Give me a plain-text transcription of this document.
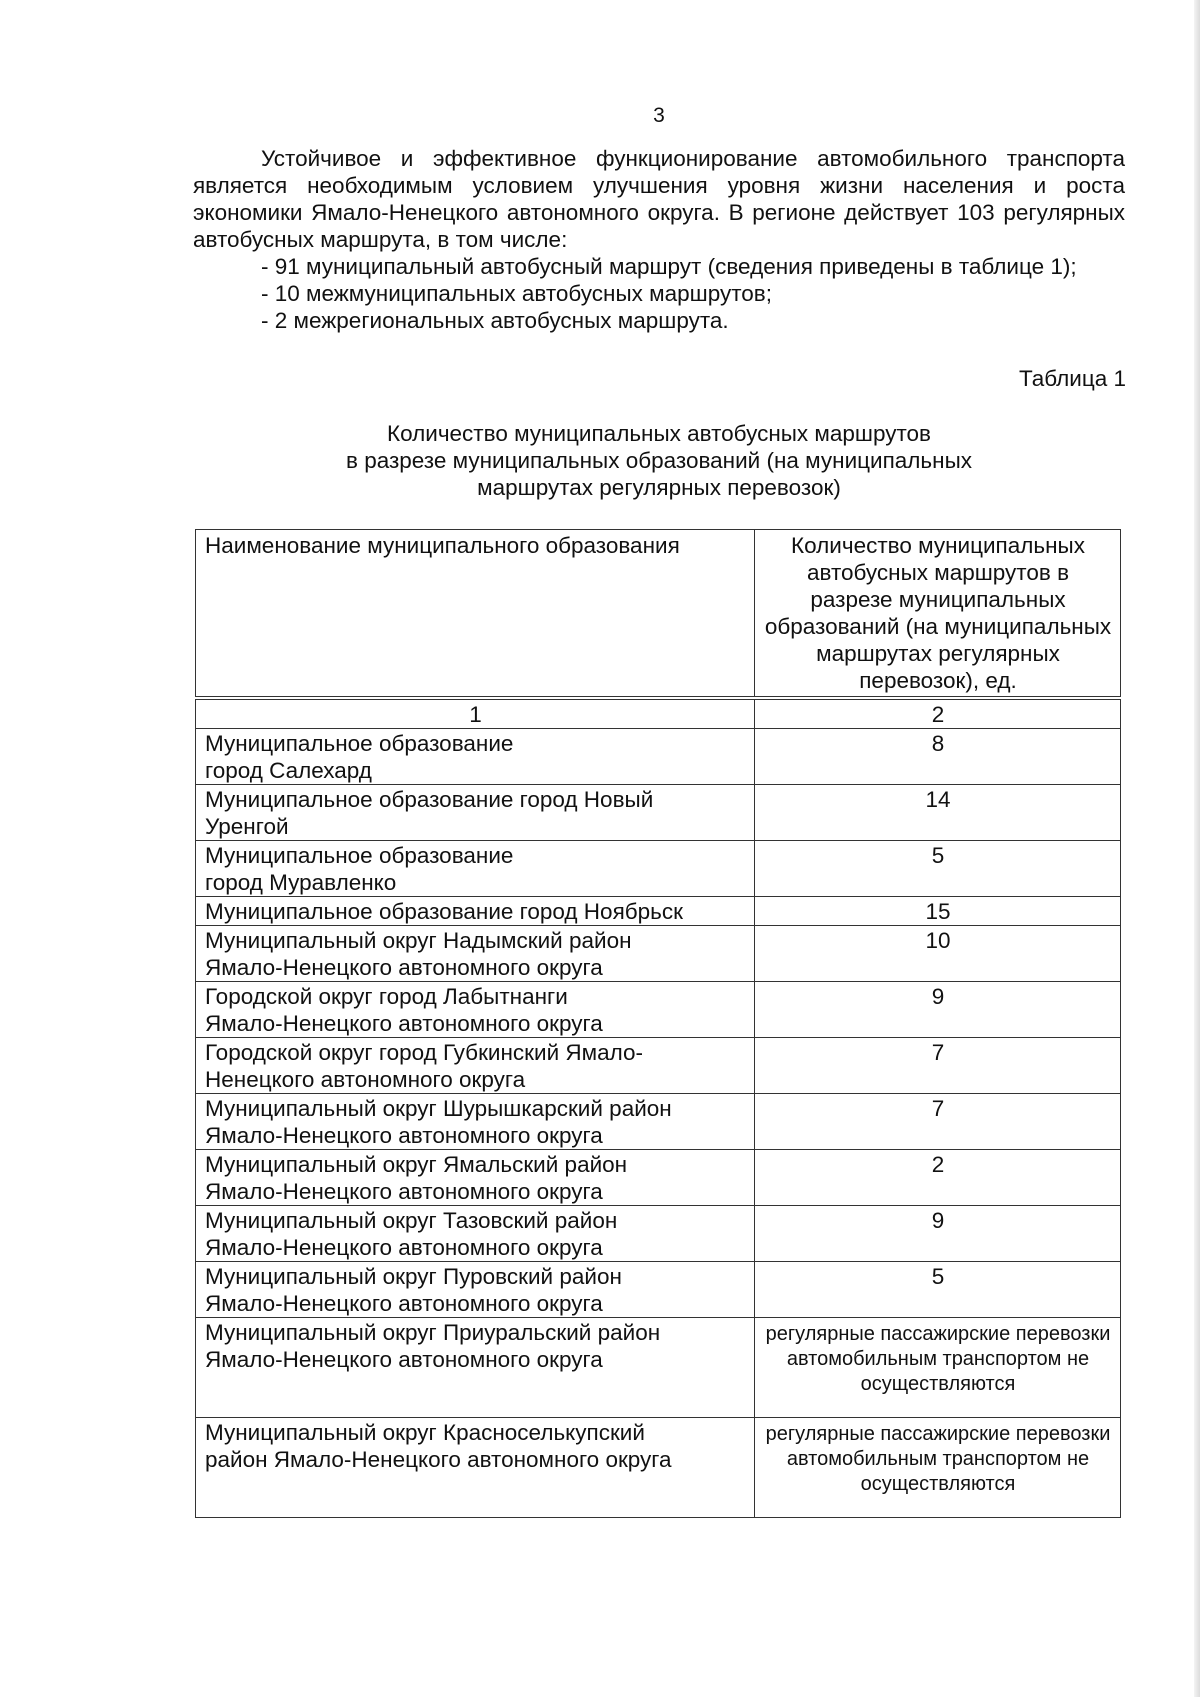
3

Устойчивое и эффективное функционирование автомобильного транспорта является необходимым условием улучшения уровня жизни населения и роста экономики Ямало-Ненецкого автономного округа. В регионе действует 103 регулярных автобусных маршрута, в том числе:

- 91 муниципальный автобусный маршрут (сведения приведены в таблице 1);

- 10 межмуниципальных автобусных маршрутов;

- 2 межрегиональных автобусных маршрута.

Таблица 1
Количество муниципальных автобусных маршрутов
в разрезе муниципальных образований (на муниципальных
маршрутах регулярных перевозок)
Наименование муниципального образования	Количество муниципальных автобусных маршрутов в разрезе муниципальных образований (на муниципальных маршрутах регулярных перевозок), ед.
1	2

Муниципальное образование
город Салехард	8

Муниципальное образование город Новый
Уренгой	14

Муниципальное образование
город Муравленко	5
Муниципальное образование город Ноябрьск	15

Муниципальный округ Надымский район
Ямало-Ненецкого автономного округа	10

Городской округ город Лабытнанги
Ямало-Ненецкого автономного округа	9

Городской округ город Губкинский Ямало-
Ненецкого автономного округа	7

Муниципальный округ Шурышкарский район
Ямало-Ненецкого автономного округа	7

Муниципальный округ Ямальский район
Ямало-Ненецкого автономного округа	2

Муниципальный округ Тазовский район
Ямало-Ненецкого автономного округа	9

Муниципальный округ Пуровский район
Ямало-Ненецкого автономного округа	5

Муниципальный округ Приуральский район
Ямало-Ненецкого автономного округа	регулярные пассажирские перевозки автомобильным транспортом не осуществляются

Муниципальный округ Красноселькупский
район Ямало-Ненецкого автономного округа	регулярные пассажирские перевозки автомобильным транспортом не осуществляются
